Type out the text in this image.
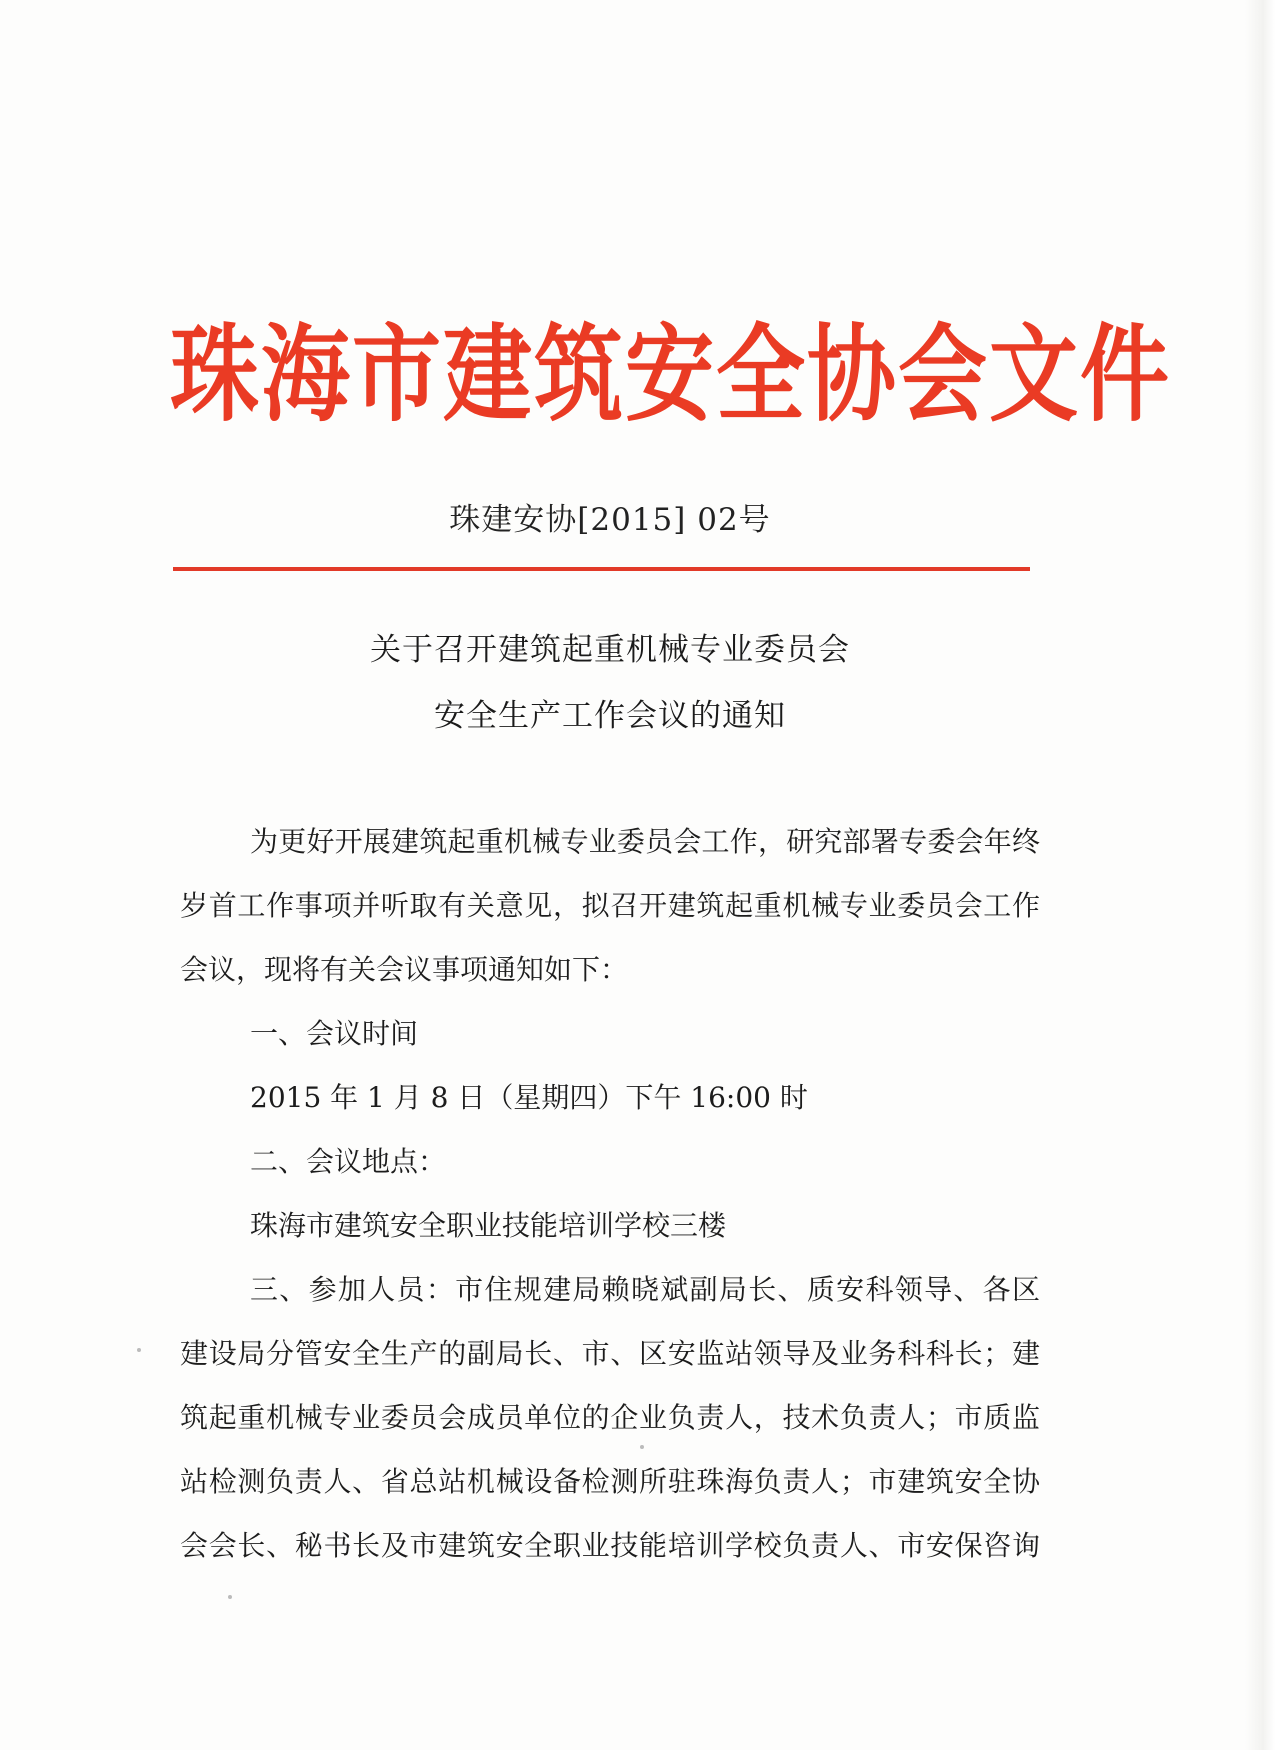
珠海市建筑安全协会文件
珠建安协[2015] 02号
关于召开建筑起重机械专业委员会
安全生产工作会议的通知
为更好开展建筑起重机械专业委员会工作，研究部署专委会年终
岁首工作事项并听取有关意见，拟召开建筑起重机械专业委员会工作
会议，现将有关会议事项通知如下：
一、会议时间
2015 年 1 月 8 日（星期四）下午 16:00 时
二、会议地点：
珠海市建筑安全职业技能培训学校三楼
三、参加人员：市住规建局赖晓斌副局长、质安科领导、各区
建设局分管安全生产的副局长、市、区安监站领导及业务科科长；建
筑起重机械专业委员会成员单位的企业负责人，技术负责人；市质监
站检测负责人、省总站机械设备检测所驻珠海负责人；市建筑安全协
会会长、秘书长及市建筑安全职业技能培训学校负责人、市安保咨询
